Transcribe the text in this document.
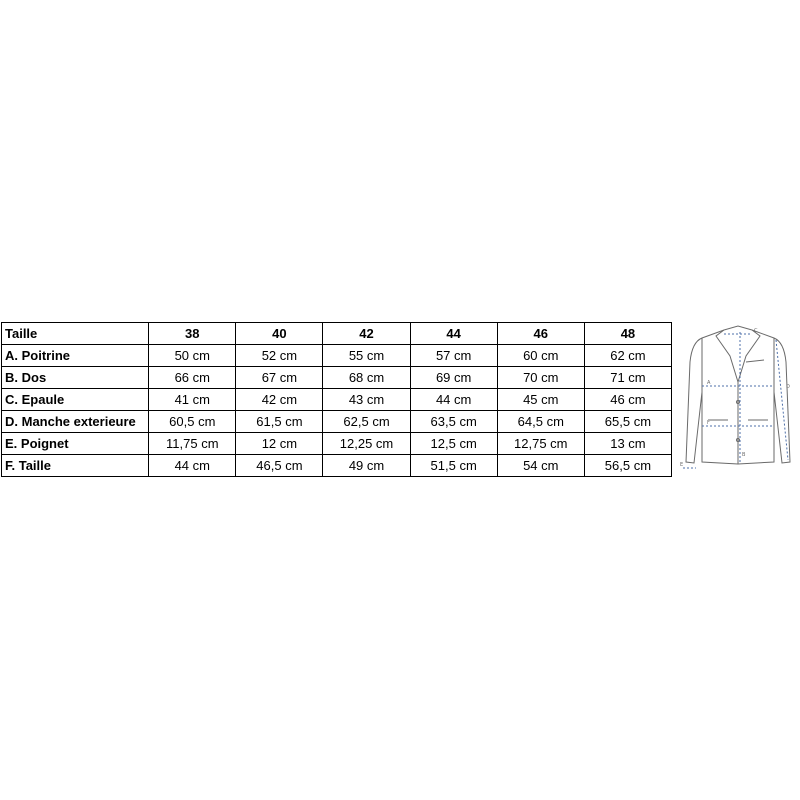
Taille	38	40	42	44	46	48
A. Poitrine	50 cm	52 cm	55 cm	57 cm	60 cm	62 cm
B. Dos	66 cm	67 cm	68 cm	69 cm	70 cm	71 cm
C. Epaule	41 cm	42 cm	43 cm	44 cm	45 cm	46 cm
D. Manche exterieure	60,5 cm	61,5 cm	62,5 cm	63,5 cm	64,5 cm	65,5 cm
E. Poignet	11,75 cm	12 cm	12,25 cm	12,5 cm	12,75 cm	13 cm
F. Taille	44 cm	46,5 cm	49 cm	51,5 cm	54 cm	56,5 cm
A
B
C
D
E
F
